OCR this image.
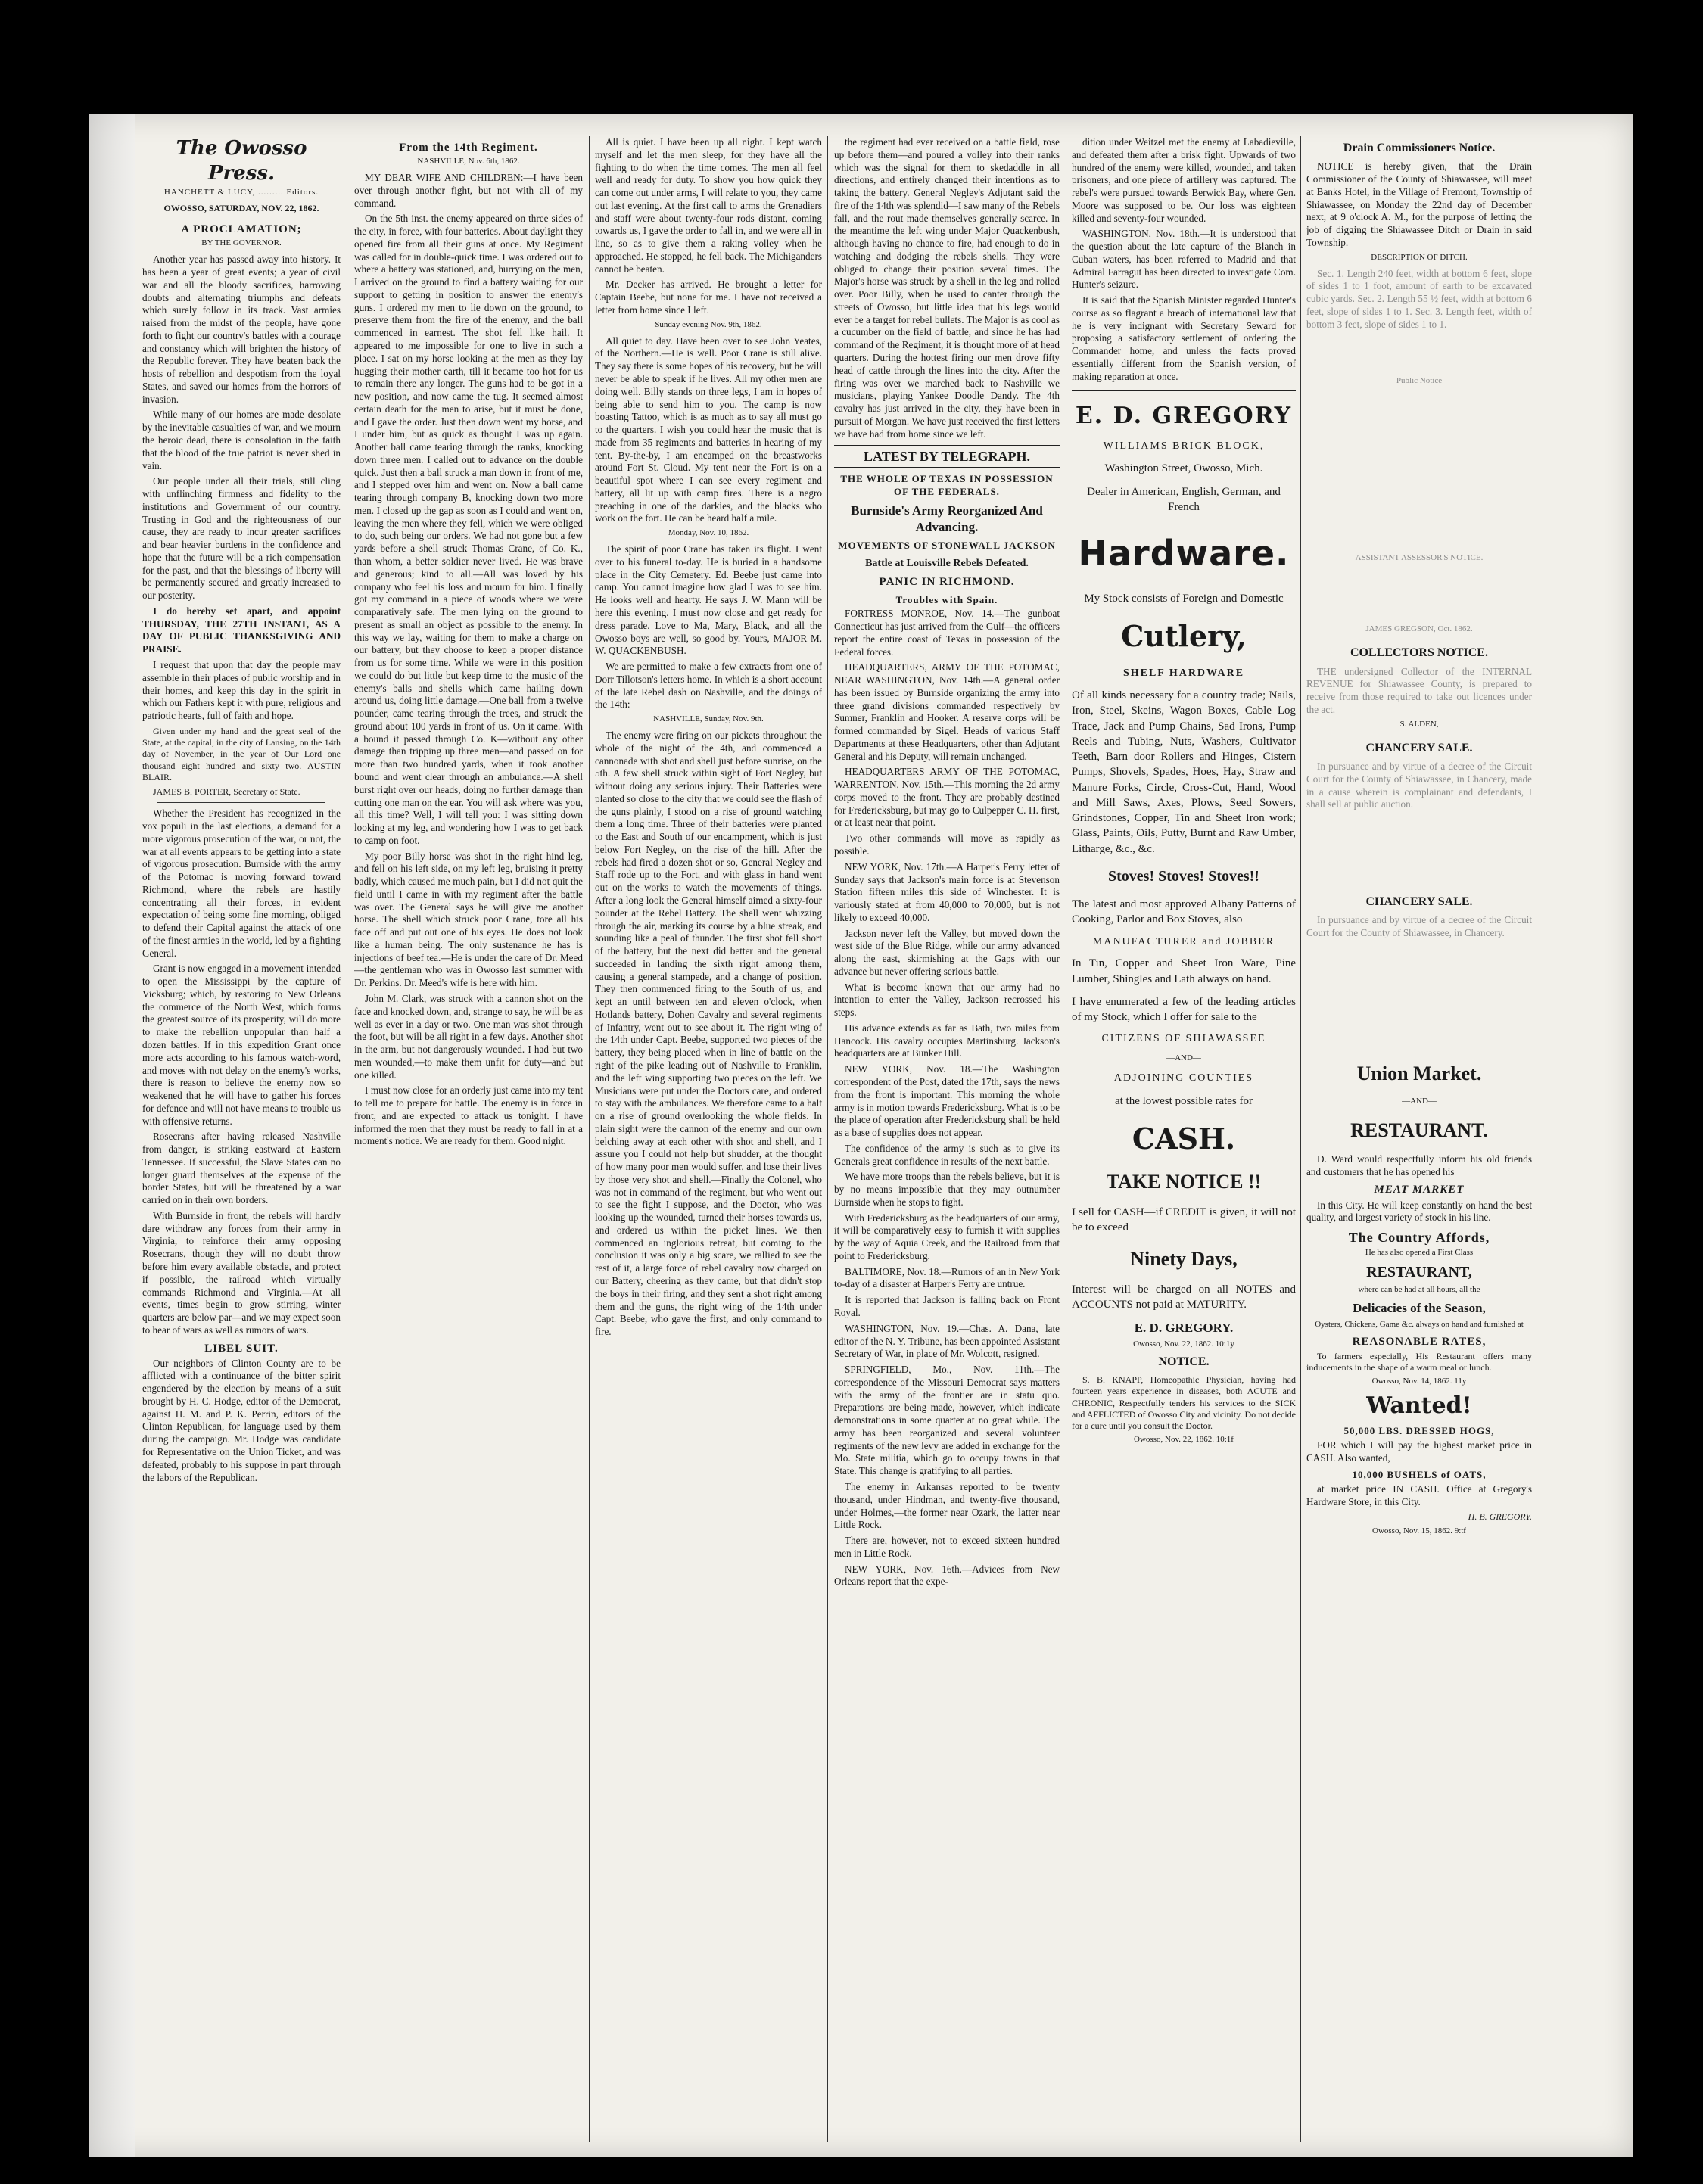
The Owosso Press.
HANCHETT & LUCY, ......... Editors.
OWOSSO, SATURDAY, NOV. 22, 1862.
A PROCLAMATION;
BY THE GOVERNOR.

Another year has passed away into history. It has been a year of great events; a year of civil war and all the bloody sacrifices, harrowing doubts and alternating triumphs and defeats which surely follow in its track. Vast armies raised from the midst of the people, have gone forth to fight our country's battles with a courage and constancy which will brighten the history of the Republic forever. They have beaten back the hosts of rebellion and despotism from the loyal States, and saved our homes from the horrors of invasion.

While many of our homes are made desolate by the inevitable casualties of war, and we mourn the heroic dead, there is consolation in the faith that the blood of the true patriot is never shed in vain.

Our people under all their trials, still cling with unflinching firmness and fidelity to the institutions and Government of our country. Trusting in God and the righteousness of our cause, they are ready to incur greater sacrifices and bear heavier burdens in the confidence and hope that the future will be a rich compensation for the past, and that the blessings of liberty will be permanently secured and greatly increased to our posterity.

I do hereby set apart, and appoint THURSDAY, THE 27TH INSTANT, AS A DAY OF PUBLIC THANKSGIVING AND PRAISE.

I request that upon that day the people may assemble in their places of public worship and in their homes, and keep this day in the spirit in which our Fathers kept it with pure, religious and patriotic hearts, full of faith and hope.

Given under my hand and the great seal of the State, at the capital, in the city of Lansing, on the 14th day of November, in the year of Our Lord one thousand eight hundred and sixty two. AUSTIN BLAIR.

JAMES B. PORTER, Secretary of State.

Whether the President has recognized in the vox populi in the last elections, a demand for a more vigorous prosecution of the war, or not, the war at all events appears to be getting into a state of vigorous prosecution. Burnside with the army of the Potomac is moving forward toward Richmond, where the rebels are hastily concentrating all their forces, in evident expectation of being some fine morning, obliged to defend their Capital against the attack of one of the finest armies in the world, led by a fighting General.

Grant is now engaged in a movement intended to open the Mississippi by the capture of Vicksburg; which, by restoring to New Orleans the commerce of the North West, which forms the greatest source of its prosperity, will do more to make the rebellion unpopular than half a dozen battles. If in this expedition Grant once more acts according to his famous watch-word, and moves with not delay on the enemy's works, there is reason to believe the enemy now so weakened that he will have to gather his forces for defence and will not have means to trouble us with offensive returns.

Rosecrans after having released Nashville from danger, is striking eastward at Eastern Tennessee. If successful, the Slave States can no longer guard themselves at the expense of the border States, but will be threatened by a war carried on in their own borders.

With Burnside in front, the rebels will hardly dare withdraw any forces from their army in Virginia, to reinforce their army opposing Rosecrans, though they will no doubt throw before him every available obstacle, and protect if possible, the railroad which virtually commands Richmond and Virginia.—At all events, times begin to grow stirring, winter quarters are below par—and we may expect soon to hear of wars as well as rumors of wars.

LIBEL SUIT.

Our neighbors of Clinton County are to be afflicted with a continuance of the bitter spirit engendered by the election by means of a suit brought by H. C. Hodge, editor of the Democrat, against H. M. and P. K. Perrin, editors of the Clinton Republican, for language used by them during the campaign. Mr. Hodge was candidate for Representative on the Union Ticket, and was defeated, probably to his suppose in part through the labors of the Republican.

From the 14th Regiment.
NASHVILLE, Nov. 6th, 1862.

MY DEAR WIFE AND CHILDREN:—I have been over through another fight, but not with all of my command.

On the 5th inst. the enemy appeared on three sides of the city, in force, with four batteries. About daylight they opened fire from all their guns at once. My Regiment was called for in double-quick time. I was ordered out to where a battery was stationed, and, hurrying on the men, I arrived on the ground to find a battery waiting for our support to getting in position to answer the enemy's guns. I ordered my men to lie down on the ground, to preserve them from the fire of the enemy, and the ball commenced in earnest. The shot fell like hail. It appeared to me impossible for one to live in such a place. I sat on my horse looking at the men as they lay hugging their mother earth, till it became too hot for us to remain there any longer. The guns had to be got in a new position, and now came the tug. It seemed almost certain death for the men to arise, but it must be done, and I gave the order. Just then down went my horse, and I under him, but as quick as thought I was up again. Another ball came tearing through the ranks, knocking down three men. I called out to advance on the double quick. Just then a ball struck a man down in front of me, and I stepped over him and went on. Now a ball came tearing through company B, knocking down two more men. I closed up the gap as soon as I could and went on, leaving the men where they fell, which we were obliged to do, such being our orders. We had not gone but a few yards before a shell struck Thomas Crane, of Co. K., than whom, a better soldier never lived. He was brave and generous; kind to all.—All was loved by his company who feel his loss and mourn for him. I finally got my command in a piece of woods where we were comparatively safe. The men lying on the ground to present as small an object as possible to the enemy. In this way we lay, waiting for them to make a charge on our battery, but they choose to keep a proper distance from us for some time. While we were in this position we could do but little but keep time to the music of the enemy's balls and shells which came hailing down around us, doing little damage.—One ball from a twelve pounder, came tearing through the trees, and struck the ground about 100 yards in front of us. On it came. With a bound it passed through Co. K—without any other damage than tripping up three men—and passed on for more than two hundred yards, when it took another bound and went clear through an ambulance.—A shell burst right over our heads, doing no further damage than cutting one man on the ear. You will ask where was you, all this time? Well, I will tell you: I was sitting down looking at my leg, and wondering how I was to get back to camp on foot.

My poor Billy horse was shot in the right hind leg, and fell on his left side, on my left leg, bruising it pretty badly, which caused me much pain, but I did not quit the field until I came in with my regiment after the battle was over. The General says he will give me another horse. The shell which struck poor Crane, tore all his face off and put out one of his eyes. He does not look like a human being. The only sustenance he has is injections of beef tea.—He is under the care of Dr. Meed—the gentleman who was in Owosso last summer with Dr. Perkins. Dr. Meed's wife is here with him.

John M. Clark, was struck with a cannon shot on the face and knocked down, and, strange to say, he will be as well as ever in a day or two. One man was shot through the foot, but will be all right in a few days. Another shot in the arm, but not dangerously wounded. I had but two men wounded,—to make them unfit for duty—and but one killed.

I must now close for an orderly just came into my tent to tell me to prepare for battle. The enemy is in force in front, and are expected to attack us tonight. I have informed the men that they must be ready to fall in at a moment's notice. We are ready for them. Good night.

All is quiet. I have been up all night. I kept watch myself and let the men sleep, for they have all the fighting to do when the time comes. The men all feel well and ready for duty. To show you how quick they can come out under arms, I will relate to you, they came out last evening. At the first call to arms the Grenadiers and staff were about twenty-four rods distant, coming towards us, I gave the order to fall in, and we were all in line, so as to give them a raking volley when he approached. He stopped, he fell back. The Michiganders cannot be beaten.

Mr. Decker has arrived. He brought a letter for Captain Beebe, but none for me. I have not received a letter from home since I left.

Sunday evening Nov. 9th, 1862.

All quiet to day. Have been over to see John Yeates, of the Northern.—He is well. Poor Crane is still alive. They say there is some hopes of his recovery, but he will never be able to speak if he lives. All my other men are doing well. Billy stands on three legs, I am in hopes of being able to send him to you. The camp is now boasting Tattoo, which is as much as to say all must go to the quarters. I wish you could hear the music that is made from 35 regiments and batteries in hearing of my tent. By-the-by, I am encamped on the breastworks around Fort St. Cloud. My tent near the Fort is on a beautiful spot where I can see every regiment and battery, all lit up with camp fires. There is a negro preaching in one of the darkies, and the blacks who work on the fort. He can be heard half a mile.

Monday, Nov. 10, 1862.

The spirit of poor Crane has taken its flight. I went over to his funeral to-day. He is buried in a handsome place in the City Cemetery. Ed. Beebe just came into camp. You cannot imagine how glad I was to see him. He looks well and hearty. He says J. W. Mann will be here this evening. I must now close and get ready for dress parade. Love to Ma, Mary, Black, and all the Owosso boys are well, so good by. Yours, MAJOR M. W. QUACKENBUSH.

We are permitted to make a few extracts from one of Dorr Tillotson's letters home. In which is a short account of the late Rebel dash on Nashville, and the doings of the 14th:

NASHVILLE, Sunday, Nov. 9th.

The enemy were firing on our pickets throughout the whole of the night of the 4th, and commenced a cannonade with shot and shell just before sunrise, on the 5th. A few shell struck within sight of Fort Negley, but without doing any serious injury. Their Batteries were planted so close to the city that we could see the flash of the guns plainly, I stood on a rise of ground watching them a long time. Three of their batteries were planted to the East and South of our encampment, which is just below Fort Negley, on the rise of the hill. After the rebels had fired a dozen shot or so, General Negley and Staff rode up to the Fort, and with glass in hand went out on the works to watch the movements of things. After a long look the General himself aimed a sixty-four pounder at the Rebel Battery. The shell went whizzing through the air, marking its course by a blue streak, and sounding like a peal of thunder. The first shot fell short of the battery, but the next did better and the general succeeded in landing the sixth right among them, causing a general stampede, and a change of position. They then commenced firing to the South of us, and kept an until between ten and eleven o'clock, when Hotlands battery, Dohen Cavalry and several regiments of Infantry, went out to see about it. The right wing of the 14th under Capt. Beebe, supported two pieces of the battery, they being placed when in line of battle on the right of the pike leading out of Nashville to Franklin, and the left wing supporting two pieces on the left. We Musicians were put under the Doctors care, and ordered to stay with the ambulances. We therefore came to a halt on a rise of ground overlooking the whole fields. In plain sight were the cannon of the enemy and our own belching away at each other with shot and shell, and I assure you I could not help but shudder, at the thought of how many poor men would suffer, and lose their lives by those very shot and shell.—Finally the Colonel, who was not in command of the regiment, but who went out to see the fight I suppose, and the Doctor, who was looking up the wounded, turned their horses towards us, and ordered us within the picket lines. We then commenced an inglorious retreat, but coming to the conclusion it was only a big scare, we rallied to see the rest of it, a large force of rebel cavalry now charged on our Battery, cheering as they came, but that didn't stop the boys in their firing, and they sent a shot right among them and the guns, the right wing of the 14th under Capt. Beebe, who gave the first, and only command to fire.

the regiment had ever received on a battle field, rose up before them—and poured a volley into their ranks which was the signal for them to skedaddle in all directions, and entirely changed their intentions as to taking the battery. General Negley's Adjutant said the fire of the 14th was splendid—I saw many of the Rebels fall, and the rout made themselves generally scarce. In the meantime the left wing under Major Quackenbush, although having no chance to fire, had enough to do in watching and dodging the rebels shells. They were obliged to change their position several times. The Major's horse was struck by a shell in the leg and rolled over. Poor Billy, when he used to canter through the streets of Owosso, but little idea that his legs would ever be a target for rebel bullets. The Major is as cool as a cucumber on the field of battle, and since he has had command of the Regiment, it is thought more of at head quarters. During the hottest firing our men drove fifty head of cattle through the lines into the city. After the firing was over we marched back to Nashville we musicians, playing Yankee Doodle Dandy. The 4th cavalry has just arrived in the city, they have been in pursuit of Morgan. We have just received the first letters we have had from home since we left.

LATEST BY TELEGRAPH.
THE WHOLE OF TEXAS IN POSSESSION OF THE FEDERALS.
Burnside's Army Reorganized And Advancing.
MOVEMENTS OF STONEWALL JACKSON
Battle at Louisville Rebels Defeated.
PANIC IN RICHMOND.
Troubles with Spain.

FORTRESS MONROE, Nov. 14.—The gunboat Connecticut has just arrived from the Gulf—the officers report the entire coast of Texas in possession of the Federal forces.

HEADQUARTERS, ARMY OF THE POTOMAC, NEAR WASHINGTON, Nov. 14th.—A general order has been issued by Burnside organizing the army into three grand divisions commanded respectively by Sumner, Franklin and Hooker. A reserve corps will be formed commanded by Sigel. Heads of various Staff Departments at these Headquarters, other than Adjutant General and his Deputy, will remain unchanged.

HEADQUARTERS ARMY OF THE POTOMAC, WARRENTON, Nov. 15th.—This morning the 2d army corps moved to the front. They are probably destined for Fredericksburg, but may go to Culpepper C. H. first, or at least near that point.

Two other commands will move as rapidly as possible.

NEW YORK, Nov. 17th.—A Harper's Ferry letter of Sunday says that Jackson's main force is at Stevenson Station fifteen miles this side of Winchester. It is variously stated at from 40,000 to 70,000, but is not likely to exceed 40,000.

Jackson never left the Valley, but moved down the west side of the Blue Ridge, while our army advanced along the east, skirmishing at the Gaps with our advance but never offering serious battle.

What is become known that our army had no intention to enter the Valley, Jackson recrossed his steps.

His advance extends as far as Bath, two miles from Hancock. His cavalry occupies Martinsburg. Jackson's headquarters are at Bunker Hill.

NEW YORK, Nov. 18.—The Washington correspondent of the Post, dated the 17th, says the news from the front is important. This morning the whole army is in motion towards Fredericksburg. What is to be the place of operation after Fredericksburg shall be held as a base of supplies does not appear.

The confidence of the army is such as to give its Generals great confidence in results of the next battle.

We have more troops than the rebels believe, but it is by no means impossible that they may outnumber Burnside when he stops to fight.

With Fredericksburg as the headquarters of our army, it will be comparatively easy to furnish it with supplies by the way of Aquia Creek, and the Railroad from that point to Fredericksburg.

BALTIMORE, Nov. 18.—Rumors of an in New York to-day of a disaster at Harper's Ferry are untrue.

It is reported that Jackson is falling back on Front Royal.

WASHINGTON, Nov. 19.—Chas. A. Dana, late editor of the N. Y. Tribune, has been appointed Assistant Secretary of War, in place of Mr. Wolcott, resigned.

SPRINGFIELD, Mo., Nov. 11th.—The correspondence of the Missouri Democrat says matters with the army of the frontier are in statu quo. Preparations are being made, however, which indicate demonstrations in some quarter at no great while. The army has been reorganized and several volunteer regiments of the new levy are added in exchange for the Mo. State militia, which go to occupy towns in that State. This change is gratifying to all parties.

The enemy in Arkansas reported to be twenty thousand, under Hindman, and twenty-five thousand, under Holmes,—the former near Ozark, the latter near Little Rock.

There are, however, not to exceed sixteen hundred men in Little Rock.

NEW YORK, Nov. 16th.—Advices from New Orleans report that the expe-

dition under Weitzel met the enemy at Labadieville, and defeated them after a brisk fight. Upwards of two hundred of the enemy were killed, wounded, and taken prisoners, and one piece of artillery was captured. The rebel's were pursued towards Berwick Bay, where Gen. Moore was supposed to be. Our loss was eighteen killed and seventy-four wounded.

WASHINGTON, Nov. 18th.—It is understood that the question about the late capture of the Blanch in Cuban waters, has been referred to Madrid and that Admiral Farragut has been directed to investigate Com. Hunter's seizure.

It is said that the Spanish Minister regarded Hunter's course as so flagrant a breach of international law that he is very indignant with Secretary Seward for proposing a satisfactory settlement of ordering the Commander home, and unless the facts proved essentially different from the Spanish version, of making reparation at once.

E. D. GREGORY
WILLIAMS BRICK BLOCK,
Washington Street, Owosso, Mich.
Dealer in American, English, German, and French
Hardware.
My Stock consists of Foreign and Domestic
Cutlery,
SHELF HARDWARE
Of all kinds necessary for a country trade; Nails, Iron, Steel, Skeins, Wagon Boxes, Cable Log Trace, Jack and Pump Chains, Sad Irons, Pump Reels and Tubing, Nuts, Washers, Cultivator Teeth, Barn door Rollers and Hinges, Cistern Pumps, Shovels, Spades, Hoes, Hay, Straw and Manure Forks, Circle, Cross-Cut, Hand, Wood and Mill Saws, Axes, Plows, Seed Sowers, Grindstones, Copper, Tin and Sheet Iron work; Glass, Paints, Oils, Putty, Burnt and Raw Umber, Litharge, &c., &c.
Stoves! Stoves! Stoves!!
The latest and most approved Albany Patterns of Cooking, Parlor and Box Stoves, also
MANUFACTURER and JOBBER
In Tin, Copper and Sheet Iron Ware, Pine Lumber, Shingles and Lath always on hand.
I have enumerated a few of the leading articles of my Stock, which I offer for sale to the
CITIZENS OF SHIAWASSEE
—AND—
ADJOINING COUNTIES
at the lowest possible rates for
CASH.
TAKE NOTICE !!
I sell for CASH—if CREDIT is given, it will not be to exceed
Ninety Days,
Interest will be charged on all NOTES and ACCOUNTS not paid at MATURITY.
E. D. GREGORY.
Owosso, Nov. 22, 1862. 10:1y
NOTICE.

S. B. KNAPP, Homeopathic Physician, having had fourteen years experience in diseases, both ACUTE and CHRONIC, Respectfully tenders his services to the SICK and AFFLICTED of Owosso City and vicinity. Do not decide for a cure until you consult the Doctor.

Owosso, Nov. 22, 1862. 10:1f
Drain Commissioners Notice.

NOTICE is hereby given, that the Drain Commissioner of the County of Shiawassee, will meet at Banks Hotel, in the Village of Fremont, Township of Shiawassee, on Monday the 22nd day of December next, at 9 o'clock A. M., for the purpose of letting the job of digging the Shiawassee Ditch or Drain in said Township.

DESCRIPTION OF DITCH.

Sec. 1. Length 240 feet, width at bottom 6 feet, slope of sides 1 to 1 foot, amount of earth to be excavated cubic yards. Sec. 2. Length 55 ½ feet, width at bottom 6 feet, slope of sides 1 to 1. Sec. 3. Length feet, width of bottom 3 feet, slope of sides 1 to 1.

Public Notice
ASSISTANT ASSESSOR'S NOTICE.
JAMES GREGSON, Oct. 1862.
COLLECTORS NOTICE.

THE undersigned Collector of the INTERNAL REVENUE for Shiawassee County, is prepared to receive from those required to take out licences under the act.

S. ALDEN,
CHANCERY SALE.

In pursuance and by virtue of a decree of the Circuit Court for the County of Shiawassee, in Chancery, made in a cause wherein is complainant and defendants, I shall sell at public auction.

CHANCERY SALE.

In pursuance and by virtue of a decree of the Circuit Court for the County of Shiawassee, in Chancery.

Union Market.
—AND—
RESTAURANT.

D. Ward would respectfully inform his old friends and customers that he has opened his

MEAT MARKET

In this City. He will keep constantly on hand the best quality, and largest variety of stock in his line.

The Country Affords,
He has also opened a First Class
RESTAURANT,
where can be had at all hours, all the
Delicacies of the Season,
Oysters, Chickens, Game &c. always on hand and furnished at
REASONABLE RATES,

To farmers especially, His Restaurant offers many inducements in the shape of a warm meal or lunch.

Owosso, Nov. 14, 1862. 11y
Wanted!
50,000 LBS. DRESSED HOGS,

FOR which I will pay the highest market price in CASH. Also wanted,

10,000 BUSHELS of OATS,

at market price IN CASH. Office at Gregory's Hardware Store, in this City.

H. B. GREGORY.
Owosso, Nov. 15, 1862. 9:tf
